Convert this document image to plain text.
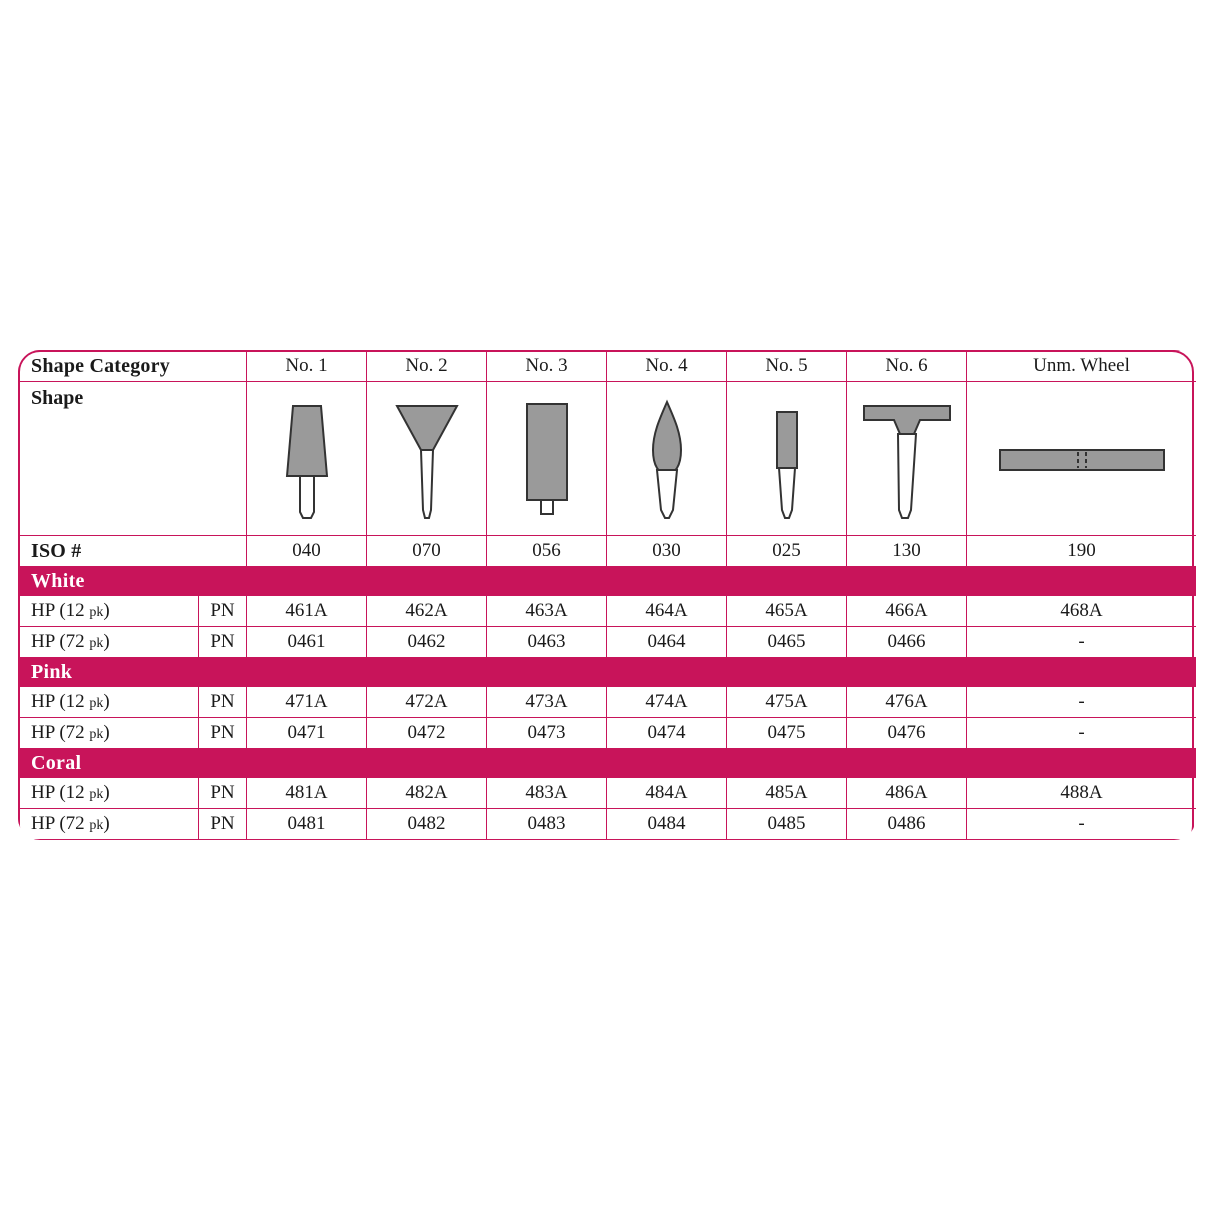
Shape Category		No. 1	No. 2	No. 3	No. 4	No. 5	No. 6	Unm. Wheel
Shape	

ISO #		040	070	056	030	025	130	190
White								
HP (12 pk)	PN	461A	462A	463A	464A	465A	466A	468A
HP (72 pk)	PN	0461	0462	0463	0464	0465	0466	-
Pink								
HP (12 pk)	PN	471A	472A	473A	474A	475A	476A	-
HP (72 pk)	PN	0471	0472	0473	0474	0475	0476	-
Coral								
HP (12 pk)	PN	481A	482A	483A	484A	485A	486A	488A
HP (72 pk)	PN	0481	0482	0483	0484	0485	0486	-
